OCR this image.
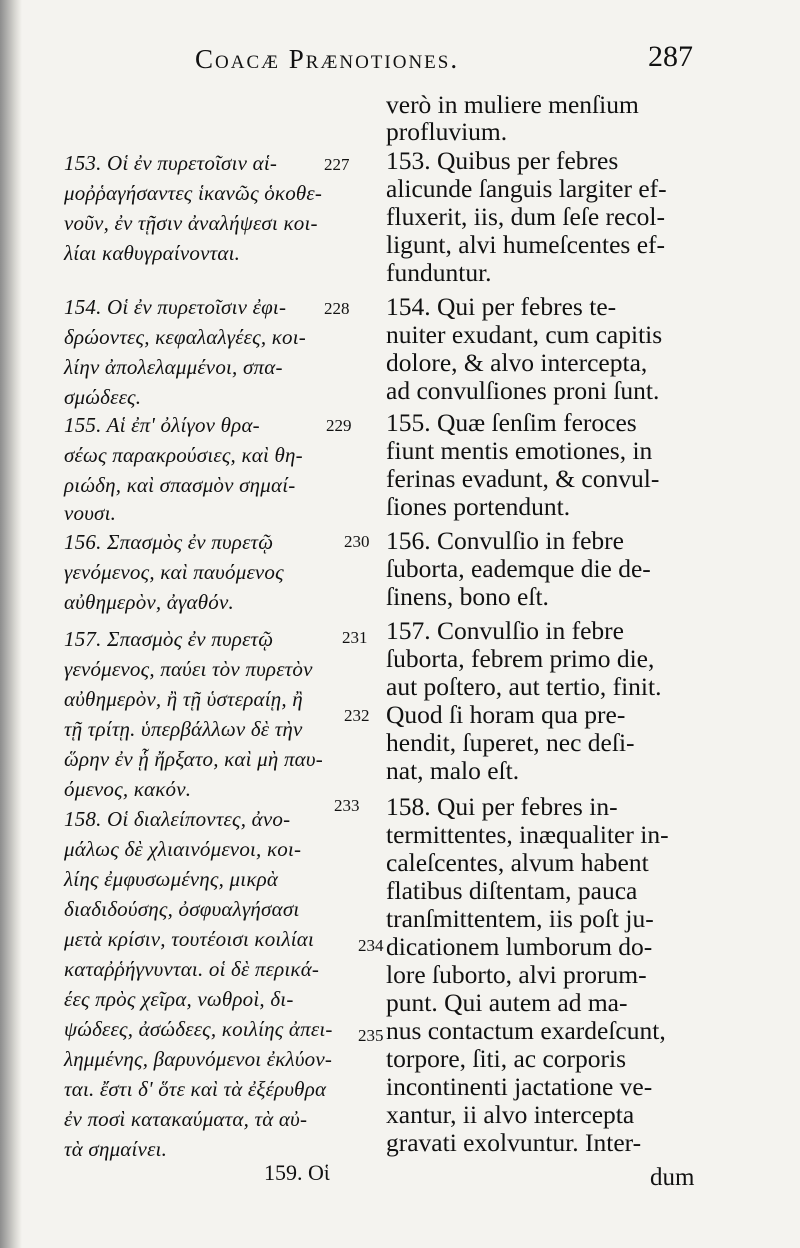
Coacæ Prænotiones.	287
153. Οἱ ἐν πυρετοῖσιν αἱ-
μοῤῥαγήσαντες ἱκανῶς ὁκοθε-
νοῦν, ἐν τῇσιν ἀναλήψεσι κοι-
λίαι καθυγραίνονται.
154. Οἱ ἐν πυρετοῖσιν ἐφι-
δρώοντες, κεφαλαλγέες, κοι-
λίην ἀπολελαμμένοι, σπα-
σμώδεες.
155. Αἱ ἐπ' ὀλίγον θρα-
σέως παρακρούσιες, καὶ θη-
ριώδη, καὶ σπασμὸν σημαί-
νουσι.
156. Σπασμὸς ἐν πυρετῷ
γενόμενος, καὶ παυόμενος
αὐθημερὸν, ἀγαθόν.
157. Σπασμὸς ἐν πυρετῷ
γενόμενος, παύει τὸν πυρετὸν
αὐθημερὸν, ἢ τῇ ὑστεραίῃ, ἢ
τῇ τρίτῃ. ὑπερβάλλων δὲ τὴν
ὥρην ἐν ᾗ ἤρξατο, καὶ μὴ παυ-
όμενος, κακόν.
158. Οἱ διαλείποντες, ἀνο-
μάλως δὲ χλιαινόμενοι, κοι-
λίης ἐμφυσωμένης, μικρὰ
διαδιδούσης, ὀσφυαλγήσασι
μετὰ κρίσιν, τουτέοισι κοιλίαι
καταῤῥήγνυνται. οἱ δὲ περικά-
έες πρὸς χεῖρα, νωθροὶ, δι-
ψώδεες, ἀσώδεες, κοιλίης ἀπει-
λημμένης, βαρυνόμενοι ἐκλύον-
ται. ἔστι δ' ὅτε καὶ τὰ ἐξέρυθρα
ἐν ποσὶ κατακαύματα, τὰ αὐ-
τὰ σημαίνει.
227
228
229
230
231
232
233
234
235
verò in muliere menſium
profluvium.
153. Quibus per febres
alicunde ſanguis largiter ef-
fluxerit, iis, dum ſeſe recol-
ligunt, alvi humeſcentes ef-
funduntur.
154. Qui per febres te-
nuiter exudant, cum capitis
dolore, & alvo intercepta,
ad convulſiones proni ſunt.
155. Quæ ſenſim feroces
fiunt mentis emotiones, in
ferinas evadunt, & convul-
ſiones portendunt.
156. Convulſio in febre
ſuborta, eademque die de-
ſinens, bono eſt.
157. Convulſio in febre
ſuborta, febrem primo die,
aut poſtero, aut tertio, finit.
Quod ſi horam qua pre-
hendit, ſuperet, nec deſi-
nat, malo eſt.
158. Qui per febres in-
termittentes, inæqualiter in-
caleſcentes, alvum habent
flatibus diſtentam, pauca
tranſmittentem, iis poſt ju-
dicationem lumborum do-
lore ſuborto, alvi prorum-
punt. Qui autem ad ma-
nus contactum exardeſcunt,
torpore, ſiti, ac corporis
incontinenti jactatione ve-
xantur, ii alvo intercepta
gravati exolvuntur. Inter-
159. Οἱ	dum
